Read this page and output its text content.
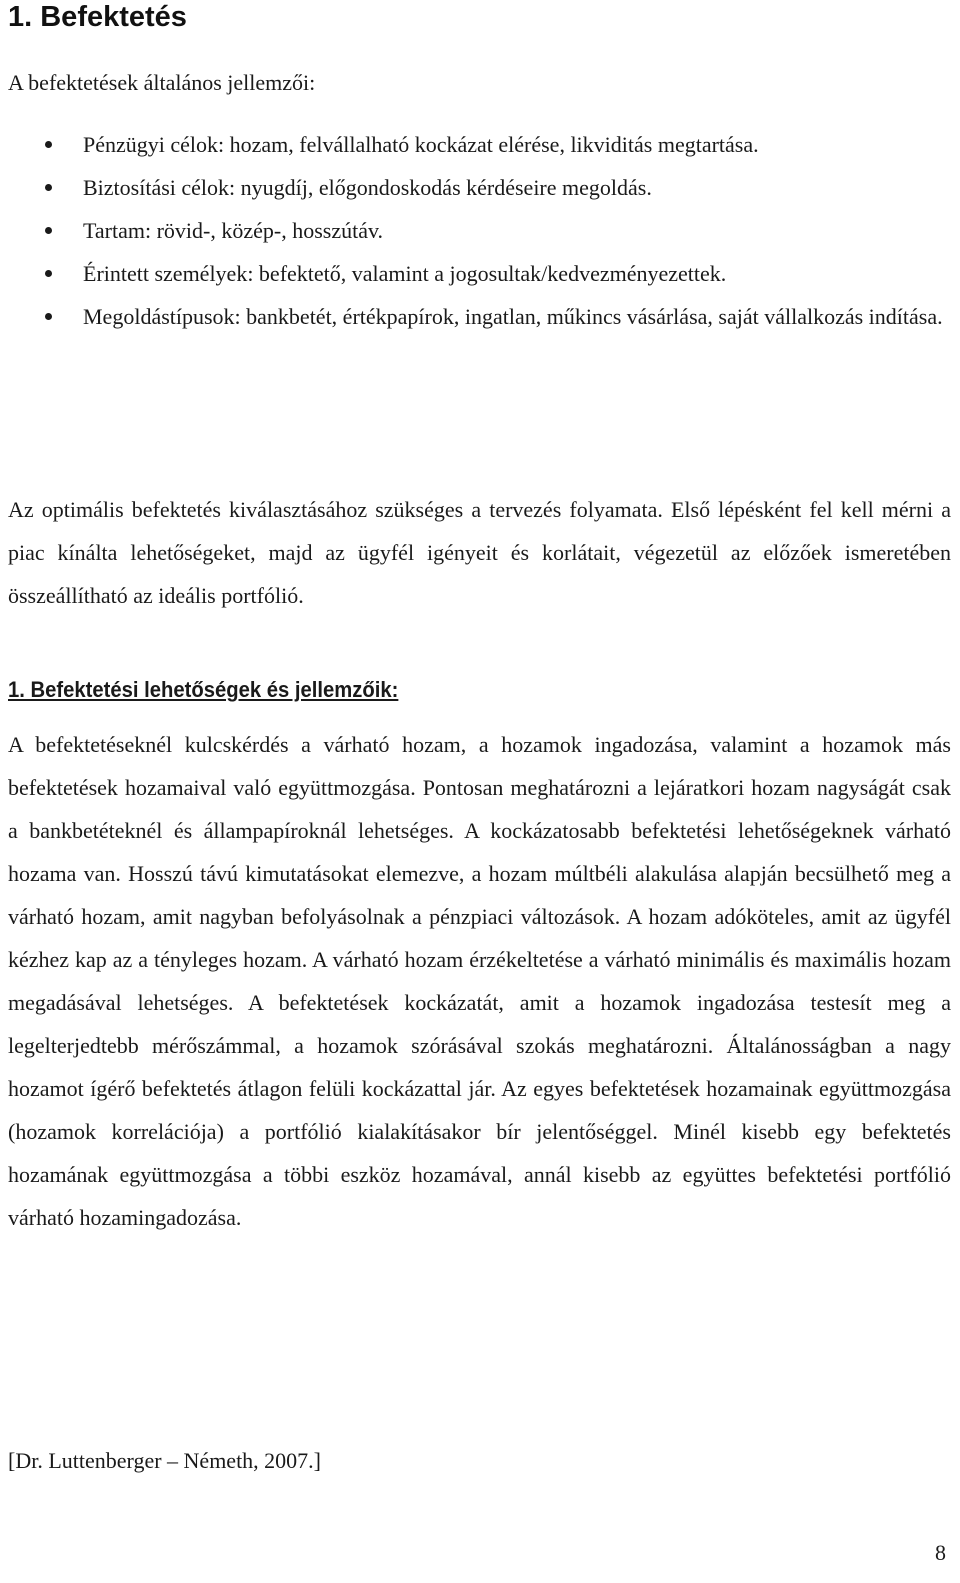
1. Befektetés

A befektetések általános jellemzői:

Pénzügyi célok: hozam, felvállalható kockázat elérése, likviditás megtartása.
Biztosítási célok: nyugdíj, előgondoskodás kérdéseire megoldás.
Tartam: rövid-, közép-, hosszútáv.
Érintett személyek: befektető, valamint a jogosultak/kedvezményezettek.
Megoldástípusok: bankbetét, értékpapírok, ingatlan, műkincs vásárlása, saját vállalkozás indítása.

Az optimális befektetés kiválasztásához szükséges a tervezés folyamata. Első lépésként fel kell mérni a piac kínálta lehetőségeket, majd az ügyfél igényeit és korlátait, végezetül az előzőek ismeretében összeállítható az ideális portfólió.

1. Befektetési lehetőségek és jellemzőik:

A befektetéseknél kulcskérdés a várható hozam, a hozamok ingadozása, valamint a hozamok más befektetések hozamaival való együttmozgása. Pontosan meghatározni a lejáratkori hozam nagyságát csak a bankbetéteknél és állampapíroknál lehetséges. A kockázatosabb befektetési lehetőségeknek várható hozama van. Hosszú távú kimutatásokat elemezve, a hozam múltbéli alakulása alapján becsülhető meg a várható hozam, amit nagyban befolyásolnak a pénzpiaci változások. A hozam adóköteles, amit az ügyfél kézhez kap az a tényleges hozam. A várható hozam érzékeltetése a várható minimális és maximális hozam megadásával lehetséges. A befektetések kockázatát, amit a hozamok ingadozása testesít meg a legelterjedtebb mérőszámmal, a hozamok szórásával szokás meghatározni. Általánosságban a nagy hozamot ígérő befektetés átlagon felüli kockázattal jár. Az egyes befektetések hozamainak együttmozgása (hozamok korrelációja) a portfólió kialakításakor bír jelentőséggel. Minél kisebb egy befektetés hozamának együttmozgása a többi eszköz hozamával, annál kisebb az együttes befektetési portfólió várható hozamingadozása.

[Dr. Luttenberger – Németh, 2007.]

8
